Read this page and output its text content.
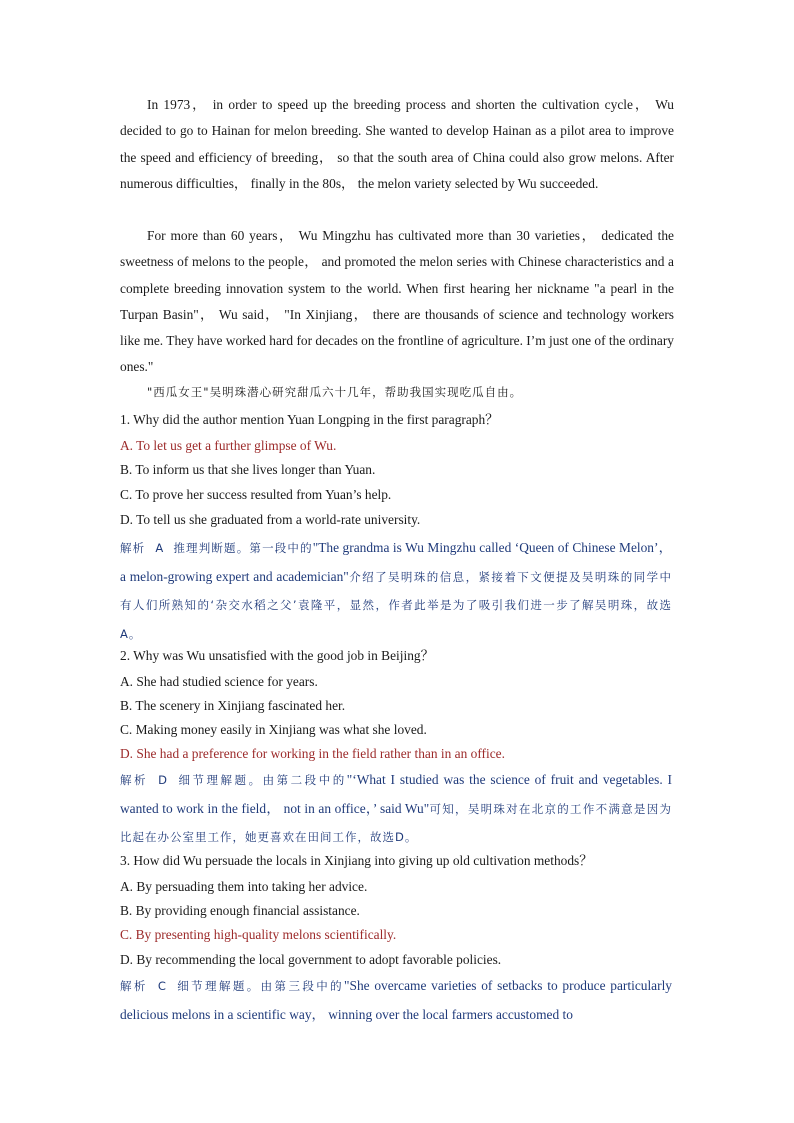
In 1973， in order to speed up the breeding process and shorten the cultivation cycle， Wu decided to go to Hainan for melon breeding. She wanted to develop Hainan as a pilot area to improve the speed and efficiency of breeding， so that the south area of China could also grow melons. After numerous difficulties， finally in the 80s， the melon variety selected by Wu succeeded.

For more than 60 years， Wu Mingzhu has cultivated more than 30 varieties， dedicated the sweetness of melons to the people， and promoted the melon series with Chinese characteristics and a complete breeding innovation system to the world. When first hearing her nickname "a pearl in the Turpan Basin"， Wu said， "In Xinjiang， there are thousands of science and technology workers like me. They have worked hard for decades on the frontline of agriculture. I’m just one of the ordinary ones."

"西瓜女王"吴明珠潜心研究甜瓜六十几年，帮助我国实现吃瓜自由。

1. Why did the author mention Yuan Longping in the first paragraph？

A. To let us get a further glimpse of Wu.

B. To inform us that she lives longer than Yuan.

C. To prove her success resulted from Yuan’s help.

D. To tell us she graduated from a world-rate university.

解析 A 推理判断题。第一段中的"The grandma is Wu Mingzhu called ‘Queen of Chinese Melon’， a melon-growing expert and academician"介绍了吴明珠的信息，紧接着下文便提及吴明珠的同学中有人们所熟知的‘杂交水稻之父’袁隆平，显然，作者此举是为了吸引我们进一步了解吴明珠，故选A。

2. Why was Wu unsatisfied with the good job in Beijing？

A. She had studied science for years.

B. The scenery in Xinjiang fascinated her.

C. Making money easily in Xinjiang was what she loved.

D. She had a preference for working in the field rather than in an office.

解析 D 细节理解题。由第二段中的"‘What I studied was the science of fruit and vegetables. I wanted to work in the field， not in an office，’ said Wu"可知，吴明珠对在北京的工作不满意是因为比起在办公室里工作，她更喜欢在田间工作，故选D。

3. How did Wu persuade the locals in Xinjiang into giving up old cultivation methods？

A. By persuading them into taking her advice.

B. By providing enough financial assistance.

C. By presenting high-quality melons scientifically.

D. By recommending the local government to adopt favorable policies.

解析 C 细节理解题。由第三段中的"She overcame varieties of setbacks to produce particularly delicious melons in a scientific way， winning over the local farmers accustomed to
